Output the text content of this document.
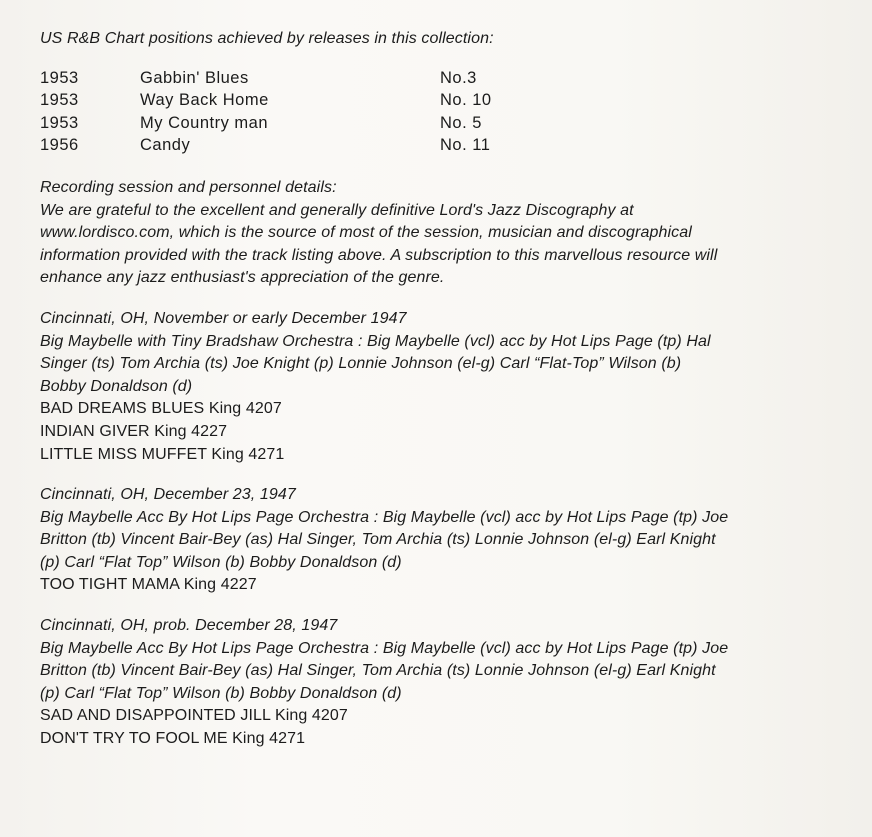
US R&B Chart positions achieved by releases in this collection:
1953	Gabbin' Blues	No.3
1953	Way Back Home	No. 10
1953	My Country man	No. 5
1956	Candy	No. 11
Recording session and personnel details:
We are grateful to the excellent and generally definitive Lord's Jazz Discography at
www.lordisco.com, which is the source of most of the session, musician and discographical
information provided with the track listing above. A subscription to this marvellous resource will
enhance any jazz enthusiast's appreciation of the genre.
Cincinnati, OH, November or early December 1947
Big Maybelle with Tiny Bradshaw Orchestra : Big Maybelle (vcl) acc by Hot Lips Page (tp) Hal
Singer (ts) Tom Archia (ts) Joe Knight (p) Lonnie Johnson (el-g) Carl “Flat-Top” Wilson (b)
Bobby Donaldson (d)
BAD DREAMS BLUES King 4207
INDIAN GIVER King 4227
LITTLE MISS MUFFET King 4271
Cincinnati, OH, December 23, 1947
Big Maybelle Acc By Hot Lips Page Orchestra : Big Maybelle (vcl) acc by Hot Lips Page (tp) Joe
Britton (tb) Vincent Bair-Bey (as) Hal Singer, Tom Archia (ts) Lonnie Johnson (el-g) Earl Knight
(p) Carl “Flat Top” Wilson (b) Bobby Donaldson (d)
TOO TIGHT MAMA King 4227
Cincinnati, OH, prob. December 28, 1947
Big Maybelle Acc By Hot Lips Page Orchestra : Big Maybelle (vcl) acc by Hot Lips Page (tp) Joe
Britton (tb) Vincent Bair-Bey (as) Hal Singer, Tom Archia (ts) Lonnie Johnson (el-g) Earl Knight
(p) Carl “Flat Top” Wilson (b) Bobby Donaldson (d)
SAD AND DISAPPOINTED JILL King 4207
DON'T TRY TO FOOL ME King 4271
